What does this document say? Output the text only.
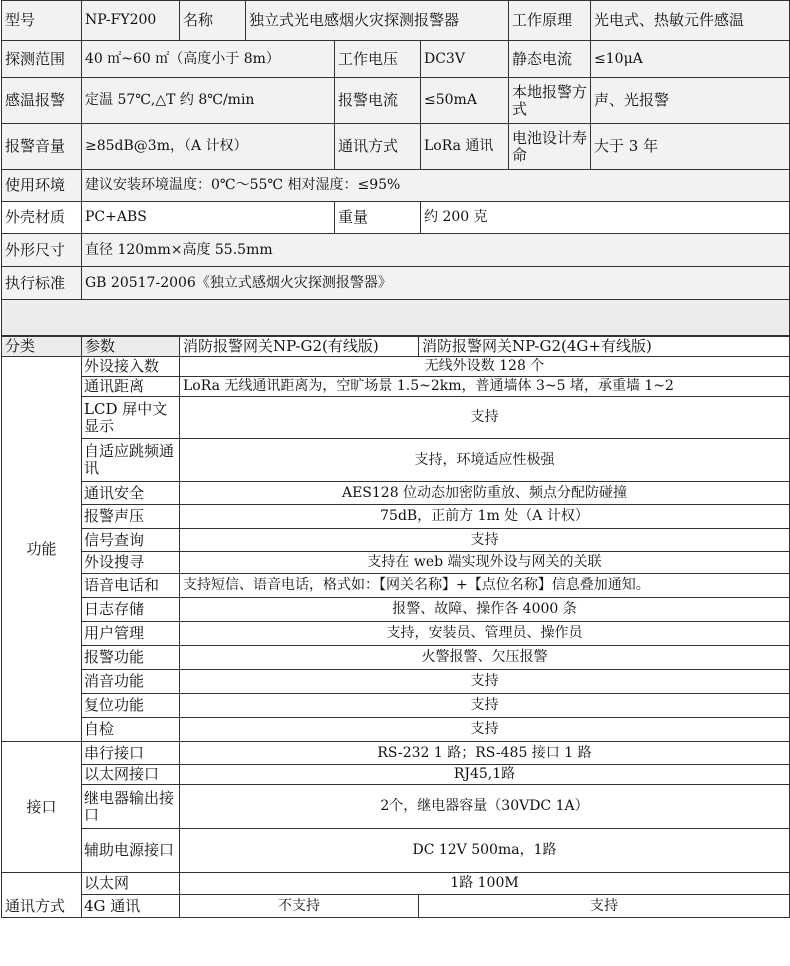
型号	NP-FY200	名称	独立式光电感烟火灾探测报警器			工作原理	光电式、热敏元件感温
探测范围	40 ㎡~60 ㎡（高度小于 8m）			工作电压	DC3V	静态电流	≤10μA
感温报警	定温 57℃,△T 约 8℃/min			报警电流	≤50mA	本地报警方式	声、光报警
报警音量	≥85dB@3m，（A 计权）			通讯方式	LoRa 通讯	电池设计寿命	大于 3 年
使用环境	建议安装环境温度：0℃～55℃ 相对湿度：≤95%						
外壳材质	PC+ABS			重量	约 200 克		
外形尺寸	直径 120mm×高度 55.5mm						
执行标准	GB 20517-2006《独立式感烟火灾探测报警器》						

分类	参数	消防报警网关NP-G2(有线版)	消防报警网关NP-G2(4G+有线版)
功能	外设接入数	无线外设数 128 个	
	通讯距离	LoRa 无线通讯距离为，空旷场景 1.5~2km，普通墙体 3~5 堵，承重墙 1~2	
	LCD 屏中文显示	支持	
	自适应跳频通讯	支持，环境适应性极强	
	通讯安全	AES128 位动态加密防重放、频点分配防碰撞	
	报警声压	75dB，正前方 1m 处（A 计权）	
	信号查询	支持	
	外设搜寻	支持在 web 端实现外设与网关的关联	
	语音电话和	支持短信、语音电话，格式如：【网关名称】+【点位名称】信息叠加通知。	
	日志存储	报警、故障、操作各 4000 条	
	用户管理	支持，安装员、管理员、操作员	
	报警功能	火警报警、欠压报警	
	消音功能	支持	
	复位功能	支持	
	自检	支持	
接口	串行接口	RS-232 1 路；RS-485 接口 1 路	
	以太网接口	RJ45,1路	
	继电器输出接口	2个，继电器容量（30VDC 1A）	
	辅助电源接口	DC 12V 500ma，1路	
通讯方式	以太网	1路 100M	
	4G 通讯	不支持	支持
